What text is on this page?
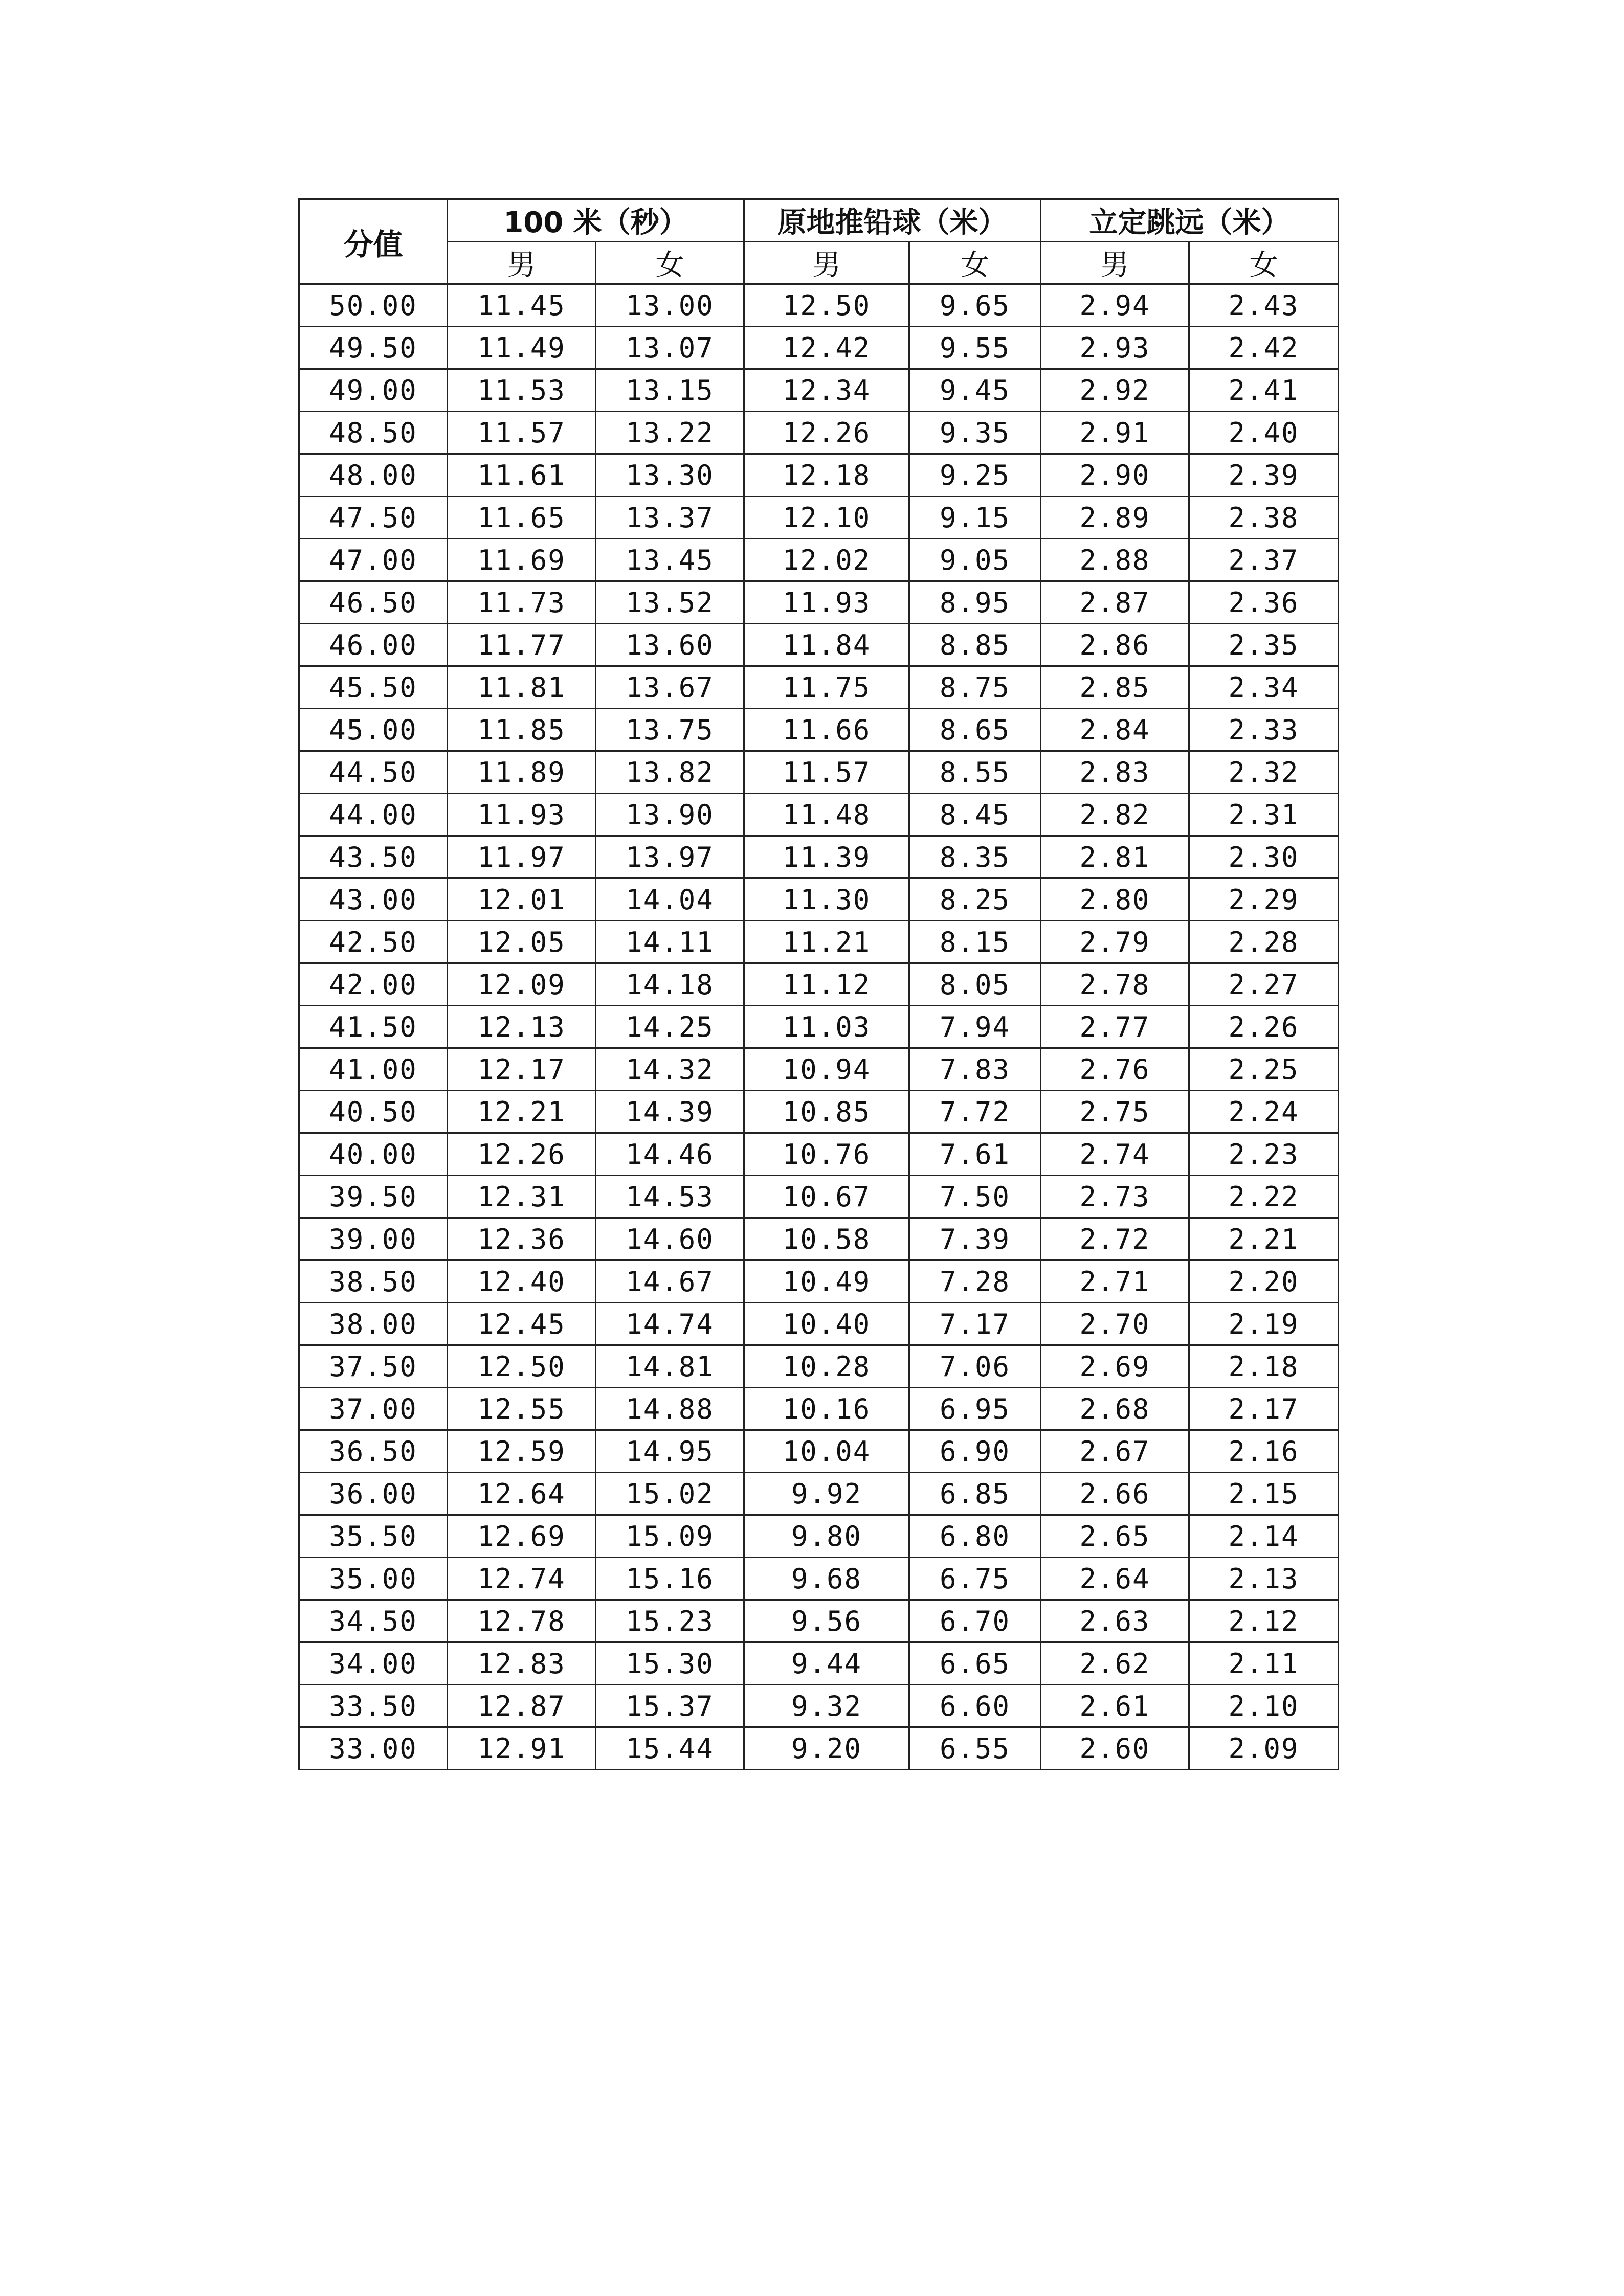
分值	100 米（秒）		原地推铅球（米）		立定跳远（米）	
	男	女	男	女	男	女
50.00	11.45	13.00	12.50	9.65	2.94	2.43
49.50	11.49	13.07	12.42	9.55	2.93	2.42
49.00	11.53	13.15	12.34	9.45	2.92	2.41
48.50	11.57	13.22	12.26	9.35	2.91	2.40
48.00	11.61	13.30	12.18	9.25	2.90	2.39
47.50	11.65	13.37	12.10	9.15	2.89	2.38
47.00	11.69	13.45	12.02	9.05	2.88	2.37
46.50	11.73	13.52	11.93	8.95	2.87	2.36
46.00	11.77	13.60	11.84	8.85	2.86	2.35
45.50	11.81	13.67	11.75	8.75	2.85	2.34
45.00	11.85	13.75	11.66	8.65	2.84	2.33
44.50	11.89	13.82	11.57	8.55	2.83	2.32
44.00	11.93	13.90	11.48	8.45	2.82	2.31
43.50	11.97	13.97	11.39	8.35	2.81	2.30
43.00	12.01	14.04	11.30	8.25	2.80	2.29
42.50	12.05	14.11	11.21	8.15	2.79	2.28
42.00	12.09	14.18	11.12	8.05	2.78	2.27
41.50	12.13	14.25	11.03	7.94	2.77	2.26
41.00	12.17	14.32	10.94	7.83	2.76	2.25
40.50	12.21	14.39	10.85	7.72	2.75	2.24
40.00	12.26	14.46	10.76	7.61	2.74	2.23
39.50	12.31	14.53	10.67	7.50	2.73	2.22
39.00	12.36	14.60	10.58	7.39	2.72	2.21
38.50	12.40	14.67	10.49	7.28	2.71	2.20
38.00	12.45	14.74	10.40	7.17	2.70	2.19
37.50	12.50	14.81	10.28	7.06	2.69	2.18
37.00	12.55	14.88	10.16	6.95	2.68	2.17
36.50	12.59	14.95	10.04	6.90	2.67	2.16
36.00	12.64	15.02	9.92	6.85	2.66	2.15
35.50	12.69	15.09	9.80	6.80	2.65	2.14
35.00	12.74	15.16	9.68	6.75	2.64	2.13
34.50	12.78	15.23	9.56	6.70	2.63	2.12
34.00	12.83	15.30	9.44	6.65	2.62	2.11
33.50	12.87	15.37	9.32	6.60	2.61	2.10
33.00	12.91	15.44	9.20	6.55	2.60	2.09
